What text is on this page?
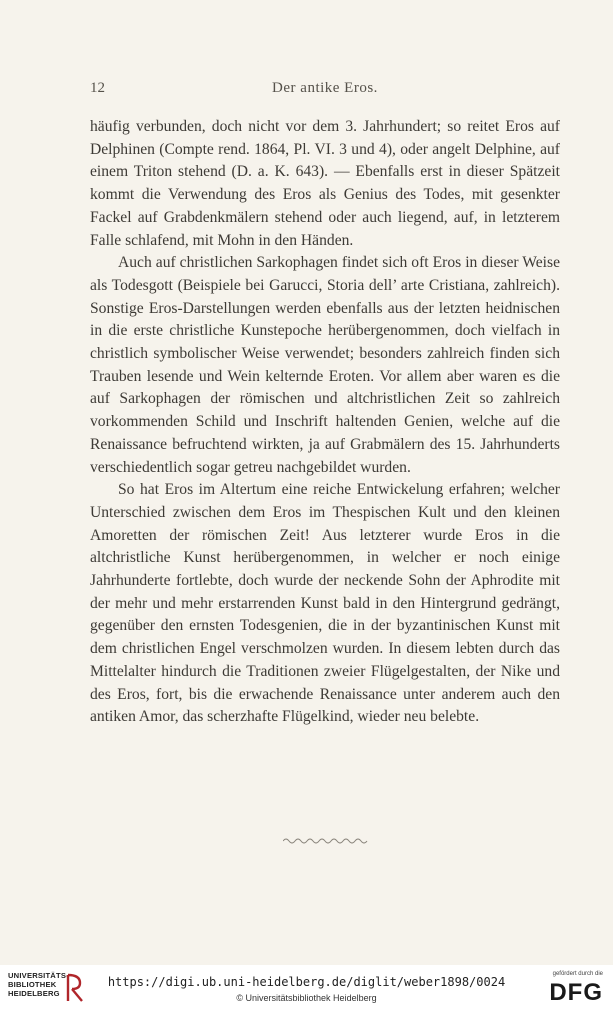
12	Der antike Eros.

häufig verbunden, doch nicht vor dem 3. Jahrhundert; so reitet Eros auf Delphinen (Compte rend. 1864, Pl. VI. 3 und 4), oder angelt Delphine, auf einem Triton stehend (D. a. K. 643). — Ebenfalls erst in dieser Spätzeit kommt die Verwendung des Eros als Genius des Todes, mit gesenkter Fackel auf Grabdenkmälern stehend oder auch liegend, auf, in letzterem Falle schlafend, mit Mohn in den Händen.

Auch auf christlichen Sarkophagen findet sich oft Eros in dieser Weise als Todesgott (Beispiele bei Garucci, Storia dell’ arte Cristiana, zahlreich). Sonstige Eros-Darstellungen werden ebenfalls aus der letzten heidnischen in die erste christliche Kunstepoche herübergenommen, doch vielfach in christlich symbolischer Weise verwendet; besonders zahlreich finden sich Trauben lesende und Wein kelternde Eroten. Vor allem aber waren es die auf Sarkophagen der römischen und altchristlichen Zeit so zahlreich vorkommenden Schild und Inschrift haltenden Genien, welche auf die Renaissance befruchtend wirkten, ja auf Grabmälern des 15. Jahrhunderts verschiedentlich sogar getreu nachgebildet wurden.

So hat Eros im Altertum eine reiche Entwickelung erfahren; welcher Unterschied zwischen dem Eros im Thespischen Kult und den kleinen Amoretten der römischen Zeit! Aus letzterer wurde Eros in die altchristliche Kunst herübergenommen, in welcher er noch einige Jahrhunderte fortlebte, doch wurde der neckende Sohn der Aphrodite mit der mehr und mehr erstarrenden Kunst bald in den Hintergrund gedrängt, gegenüber den ernsten Todesgenien, die in der byzantinischen Kunst mit dem christlichen Engel verschmolzen wurden. In diesem lebten durch das Mittelalter hindurch die Traditionen zweier Flügelgestalten, der Nike und des Eros, fort, bis die erwachende Renaissance unter anderem auch den antiken Amor, das scherzhafte Flügelkind, wieder neu belebte.

UNIVERSITÄTS-BIBLIOTHEK HEIDELBERG
https://digi.ub.uni-heidelberg.de/diglit/weber1898/0024
© Universitätsbibliothek Heidelberg
gefördert durch die
DFG
